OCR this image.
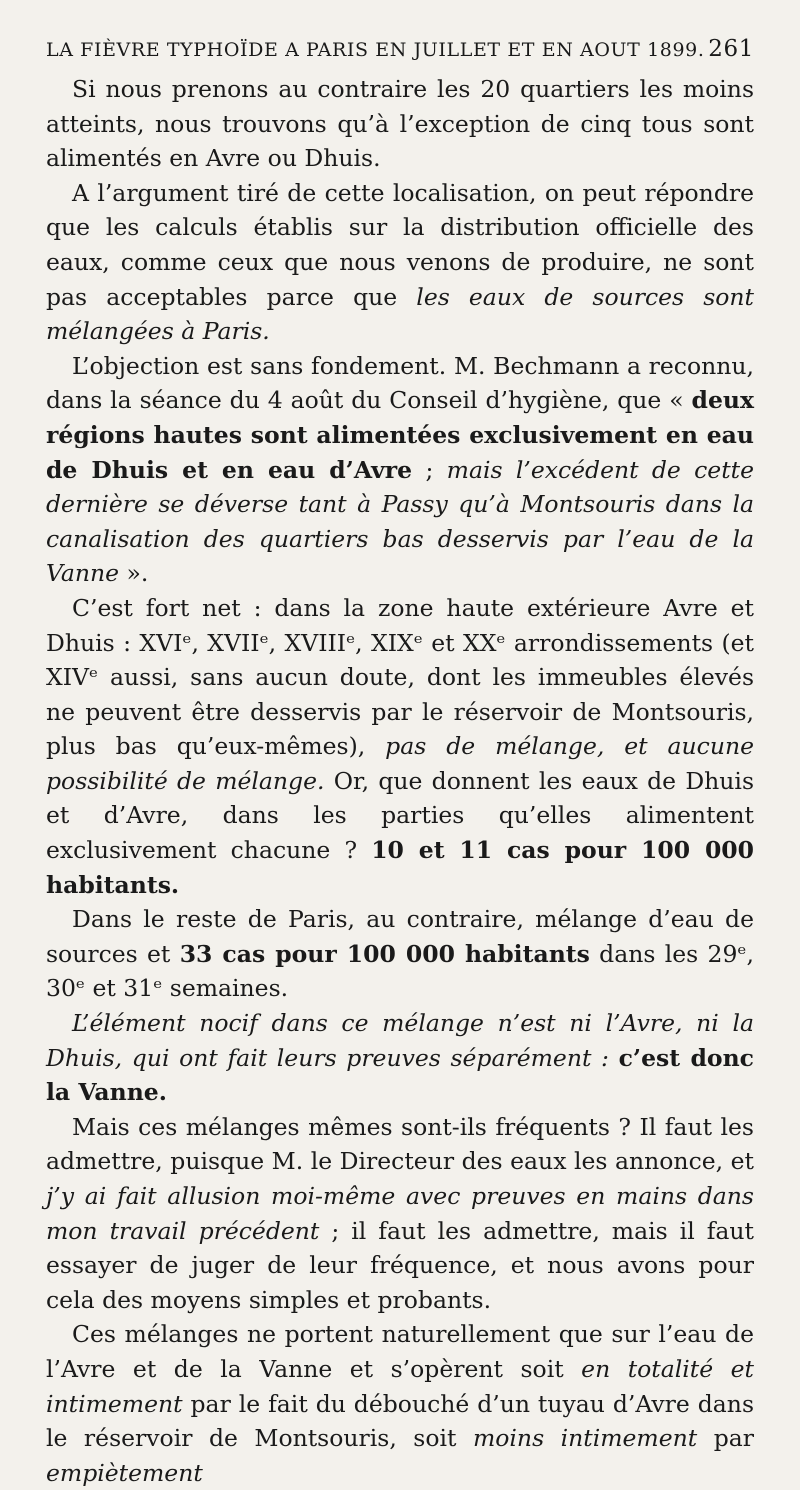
LA FIÈVRE TYPHOÏDE A PARIS EN JUILLET ET EN AOUT 1899. 261

Si nous prenons au contraire les 20 quartiers les moins atteints, nous trouvons qu’à l’exception de cinq tous sont alimentés en Avre ou Dhuis.

A l’argument tiré de cette localisation, on peut répondre que les calculs établis sur la distribution officielle des eaux, comme ceux que nous venons de produire, ne sont pas acceptables parce que les eaux de sources sont mélangées à Paris.

L’objection est sans fondement. M. Bechmann a reconnu, dans la séance du 4 août du Conseil d’hygiène, que « deux régions hautes sont alimentées exclusivement en eau de Dhuis et en eau d’Avre ; mais l’excédent de cette dernière se déverse tant à Passy qu’à Montsouris dans la canalisation des quartiers bas desservis par l’eau de la Vanne ».

C’est fort net : dans la zone haute extérieure Avre et Dhuis : XVIᵉ, XVIIᵉ, XVIIIᵉ, XIXᵉ et XXᵉ arrondissements (et XIVᵉ aussi, sans aucun doute, dont les immeubles élevés ne peuvent être desservis par le réservoir de Montsouris, plus bas qu’eux-mêmes), pas de mélange, et aucune possibilité de mélange. Or, que donnent les eaux de Dhuis et d’Avre, dans les parties qu’elles alimentent exclusivement chacune ? 10 et 11 cas pour 100 000 habitants.

Dans le reste de Paris, au contraire, mélange d’eau de sources et 33 cas pour 100 000 habitants dans les 29ᵉ, 30ᵉ et 31ᵉ semaines.

L’élément nocif dans ce mélange n’est ni l’Avre, ni la Dhuis, qui ont fait leurs preuves séparément : c’est donc la Vanne.

Mais ces mélanges mêmes sont-ils fréquents ? Il faut les admettre, puisque M. le Directeur des eaux les annonce, et j’y ai fait allusion moi-même avec preuves en mains dans mon travail précédent ; il faut les admettre, mais il faut essayer de juger de leur fréquence, et nous avons pour cela des moyens simples et probants.

Ces mélanges ne portent naturellement que sur l’eau de l’Avre et de la Vanne et s’opèrent soit en totalité et intimement par le fait du débouché d’un tuyau d’Avre dans le réservoir de Montsouris, soit moins intimement par empiètement
